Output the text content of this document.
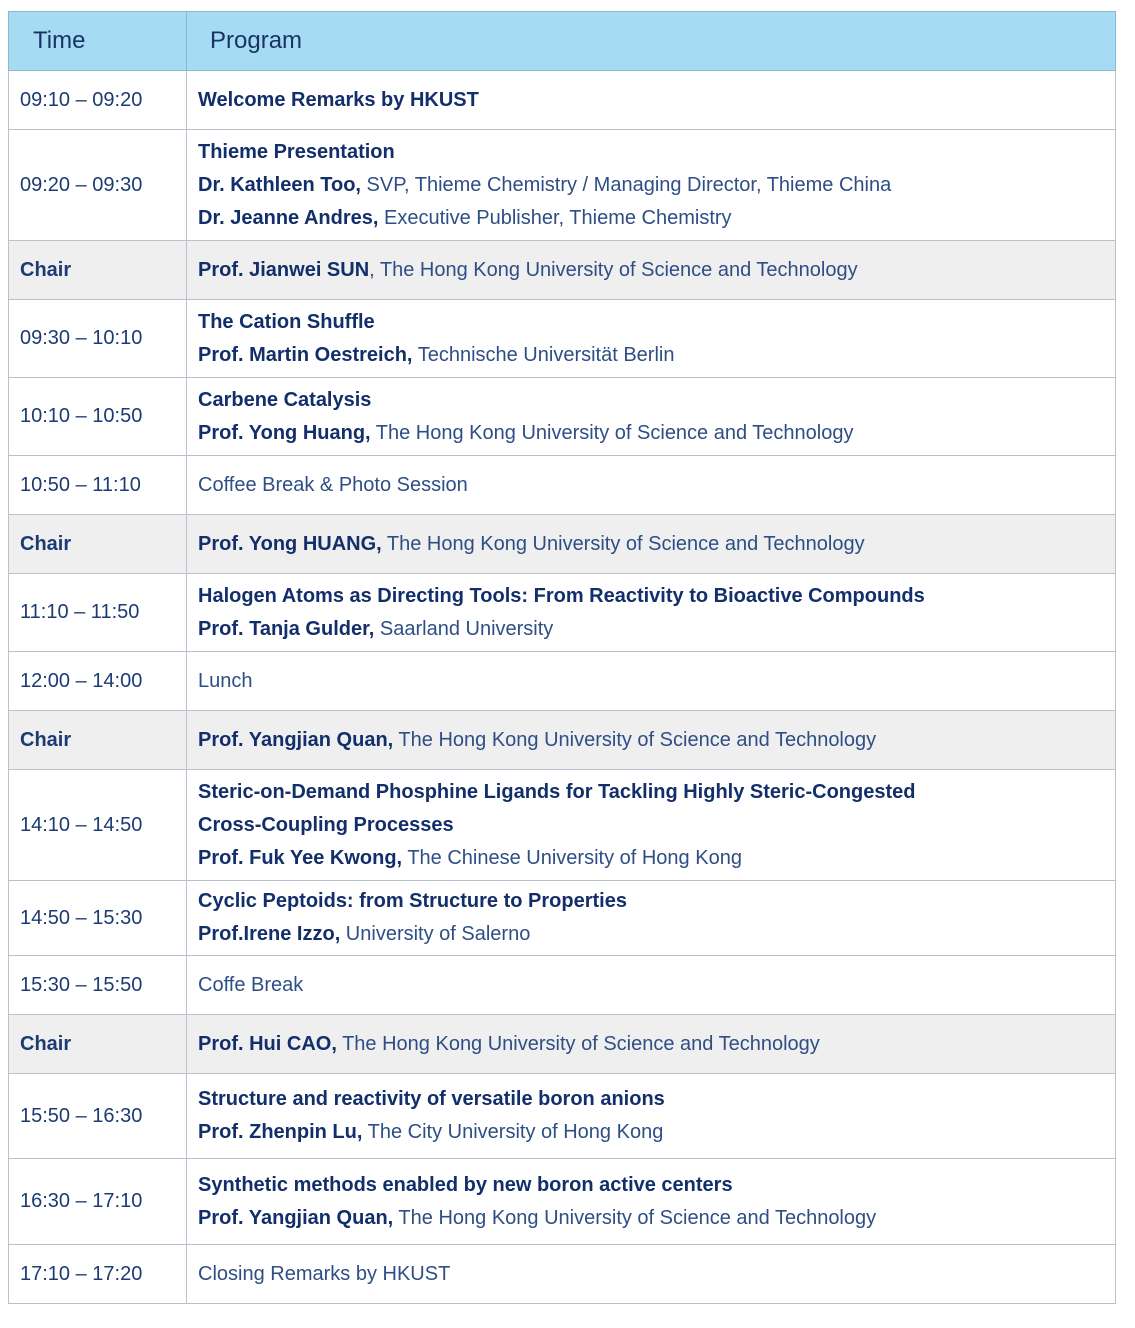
Time	Program
09:10 – 09:20	Welcome Remarks by HKUST

09:20 – 09:30	Thieme Presentation
Dr. Kathleen Too, SVP, Thieme Chemistry / Managing Director, Thieme China
Dr. Jeanne Andres, Executive Publisher, Thieme Chemistry

Chair	Prof. Jianwei SUN, The Hong Kong University of Science and Technology

09:30 – 10:10	The Cation Shuffle
Prof. Martin Oestreich, Technische Universität Berlin

10:10 – 10:50	Carbene Catalysis
Prof. Yong Huang, The Hong Kong University of Science and Technology

10:50 – 11:10	Coffee Break & Photo Session

Chair	Prof. Yong HUANG, The Hong Kong University of Science and Technology

11:10 – 11:50	Halogen Atoms as Directing Tools: From Reactivity to Bioactive Compounds
Prof. Tanja Gulder, Saarland University

12:00 – 14:00	Lunch

Chair	Prof. Yangjian Quan, The Hong Kong University of Science and Technology

14:10 – 14:50	Steric-on-Demand Phosphine Ligands for Tackling Highly Steric-Congested
Cross-Coupling Processes
Prof. Fuk Yee Kwong, The Chinese University of Hong Kong

14:50 – 15:30	Cyclic Peptoids: from Structure to Properties
Prof.Irene Izzo, University of Salerno

15:30 – 15:50	Coffe Break

Chair	Prof. Hui CAO, The Hong Kong University of Science and Technology

15:50 – 16:30	Structure and reactivity of versatile boron anions
Prof. Zhenpin Lu, The City University of Hong Kong

16:30 – 17:10	Synthetic methods enabled by new boron active centers
Prof. Yangjian Quan, The Hong Kong University of Science and Technology

17:10 – 17:20	Closing Remarks by HKUST
